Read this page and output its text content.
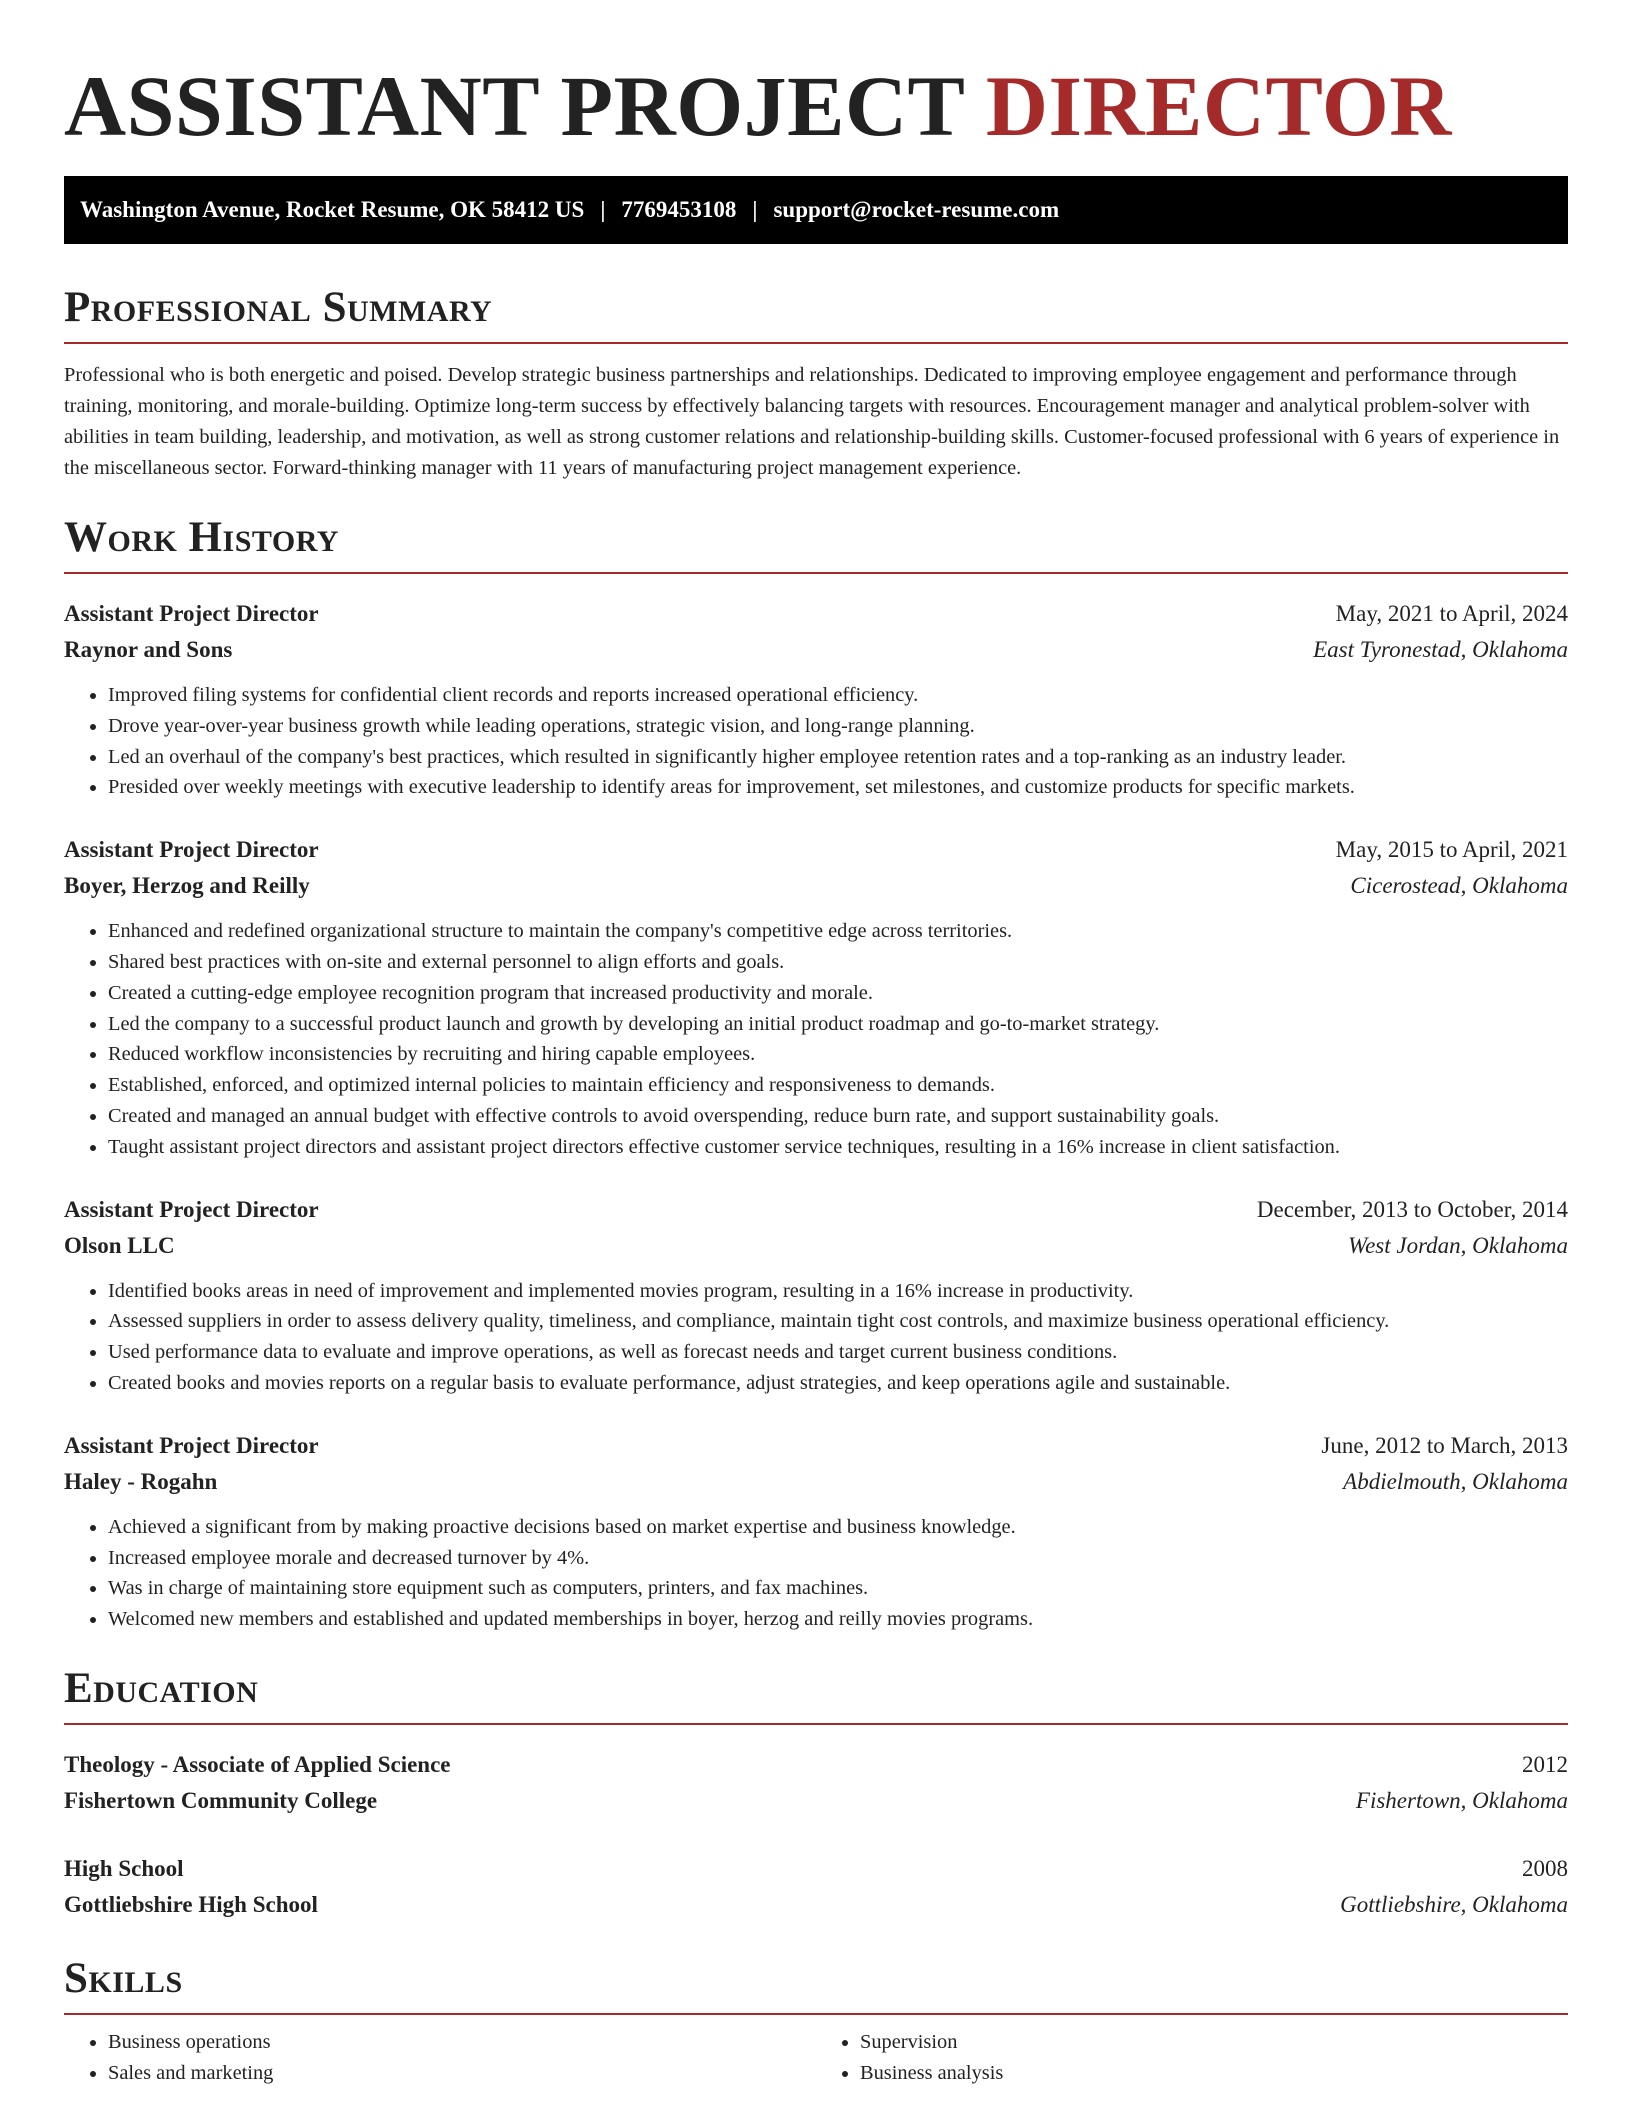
ASSISTANT PROJECT DIRECTOR
Washington Avenue, Rocket Resume, OK 58412 US | 7769453108 | support@rocket-resume.com
Professional Summary

Professional who is both energetic and poised. Develop strategic business partnerships and relationships. Dedicated to improving employee engagement and performance through training, monitoring, and morale-building. Optimize long-term success by effectively balancing targets with resources. Encouragement manager and analytical problem-solver with abilities in team building, leadership, and motivation, as well as strong customer relations and relationship-building skills. Customer-focused professional with 6 years of experience in the miscellaneous sector. Forward-thinking manager with 11 years of manufacturing project management experience.

Work History
Assistant Project Director	May, 2021 to April, 2024
Raynor and Sons	East Tyronestad, Oklahoma
• Improved filing systems for confidential client records and reports increased operational efficiency.
• Drove year-over-year business growth while leading operations, strategic vision, and long-range planning.
• Led an overhaul of the company's best practices, which resulted in significantly higher employee retention rates and a top-ranking as an industry leader.
• Presided over weekly meetings with executive leadership to identify areas for improvement, set milestones, and customize products for specific markets.
Assistant Project Director	May, 2015 to April, 2021
Boyer, Herzog and Reilly	Cicerostead, Oklahoma
• Enhanced and redefined organizational structure to maintain the company's competitive edge across territories.
• Shared best practices with on-site and external personnel to align efforts and goals.
• Created a cutting-edge employee recognition program that increased productivity and morale.
• Led the company to a successful product launch and growth by developing an initial product roadmap and go-to-market strategy.
• Reduced workflow inconsistencies by recruiting and hiring capable employees.
• Established, enforced, and optimized internal policies to maintain efficiency and responsiveness to demands.
• Created and managed an annual budget with effective controls to avoid overspending, reduce burn rate, and support sustainability goals.
• Taught assistant project directors and assistant project directors effective customer service techniques, resulting in a 16% increase in client satisfaction.
Assistant Project Director	December, 2013 to October, 2014
Olson LLC	West Jordan, Oklahoma
• Identified books areas in need of improvement and implemented movies program, resulting in a 16% increase in productivity.
• Assessed suppliers in order to assess delivery quality, timeliness, and compliance, maintain tight cost controls, and maximize business operational efficiency.
• Used performance data to evaluate and improve operations, as well as forecast needs and target current business conditions.
• Created books and movies reports on a regular basis to evaluate performance, adjust strategies, and keep operations agile and sustainable.
Assistant Project Director	June, 2012 to March, 2013
Haley - Rogahn	Abdielmouth, Oklahoma
• Achieved a significant from by making proactive decisions based on market expertise and business knowledge.
• Increased employee morale and decreased turnover by 4%.
• Was in charge of maintaining store equipment such as computers, printers, and fax machines.
• Welcomed new members and established and updated memberships in boyer, herzog and reilly movies programs.
Education
Theology - Associate of Applied Science	2012
Fishertown Community College	Fishertown, Oklahoma
High School	2008
Gottliebshire High School	Gottliebshire, Oklahoma
Skills
• Business operations
• Sales and marketing
• Supervision
• Business analysis
